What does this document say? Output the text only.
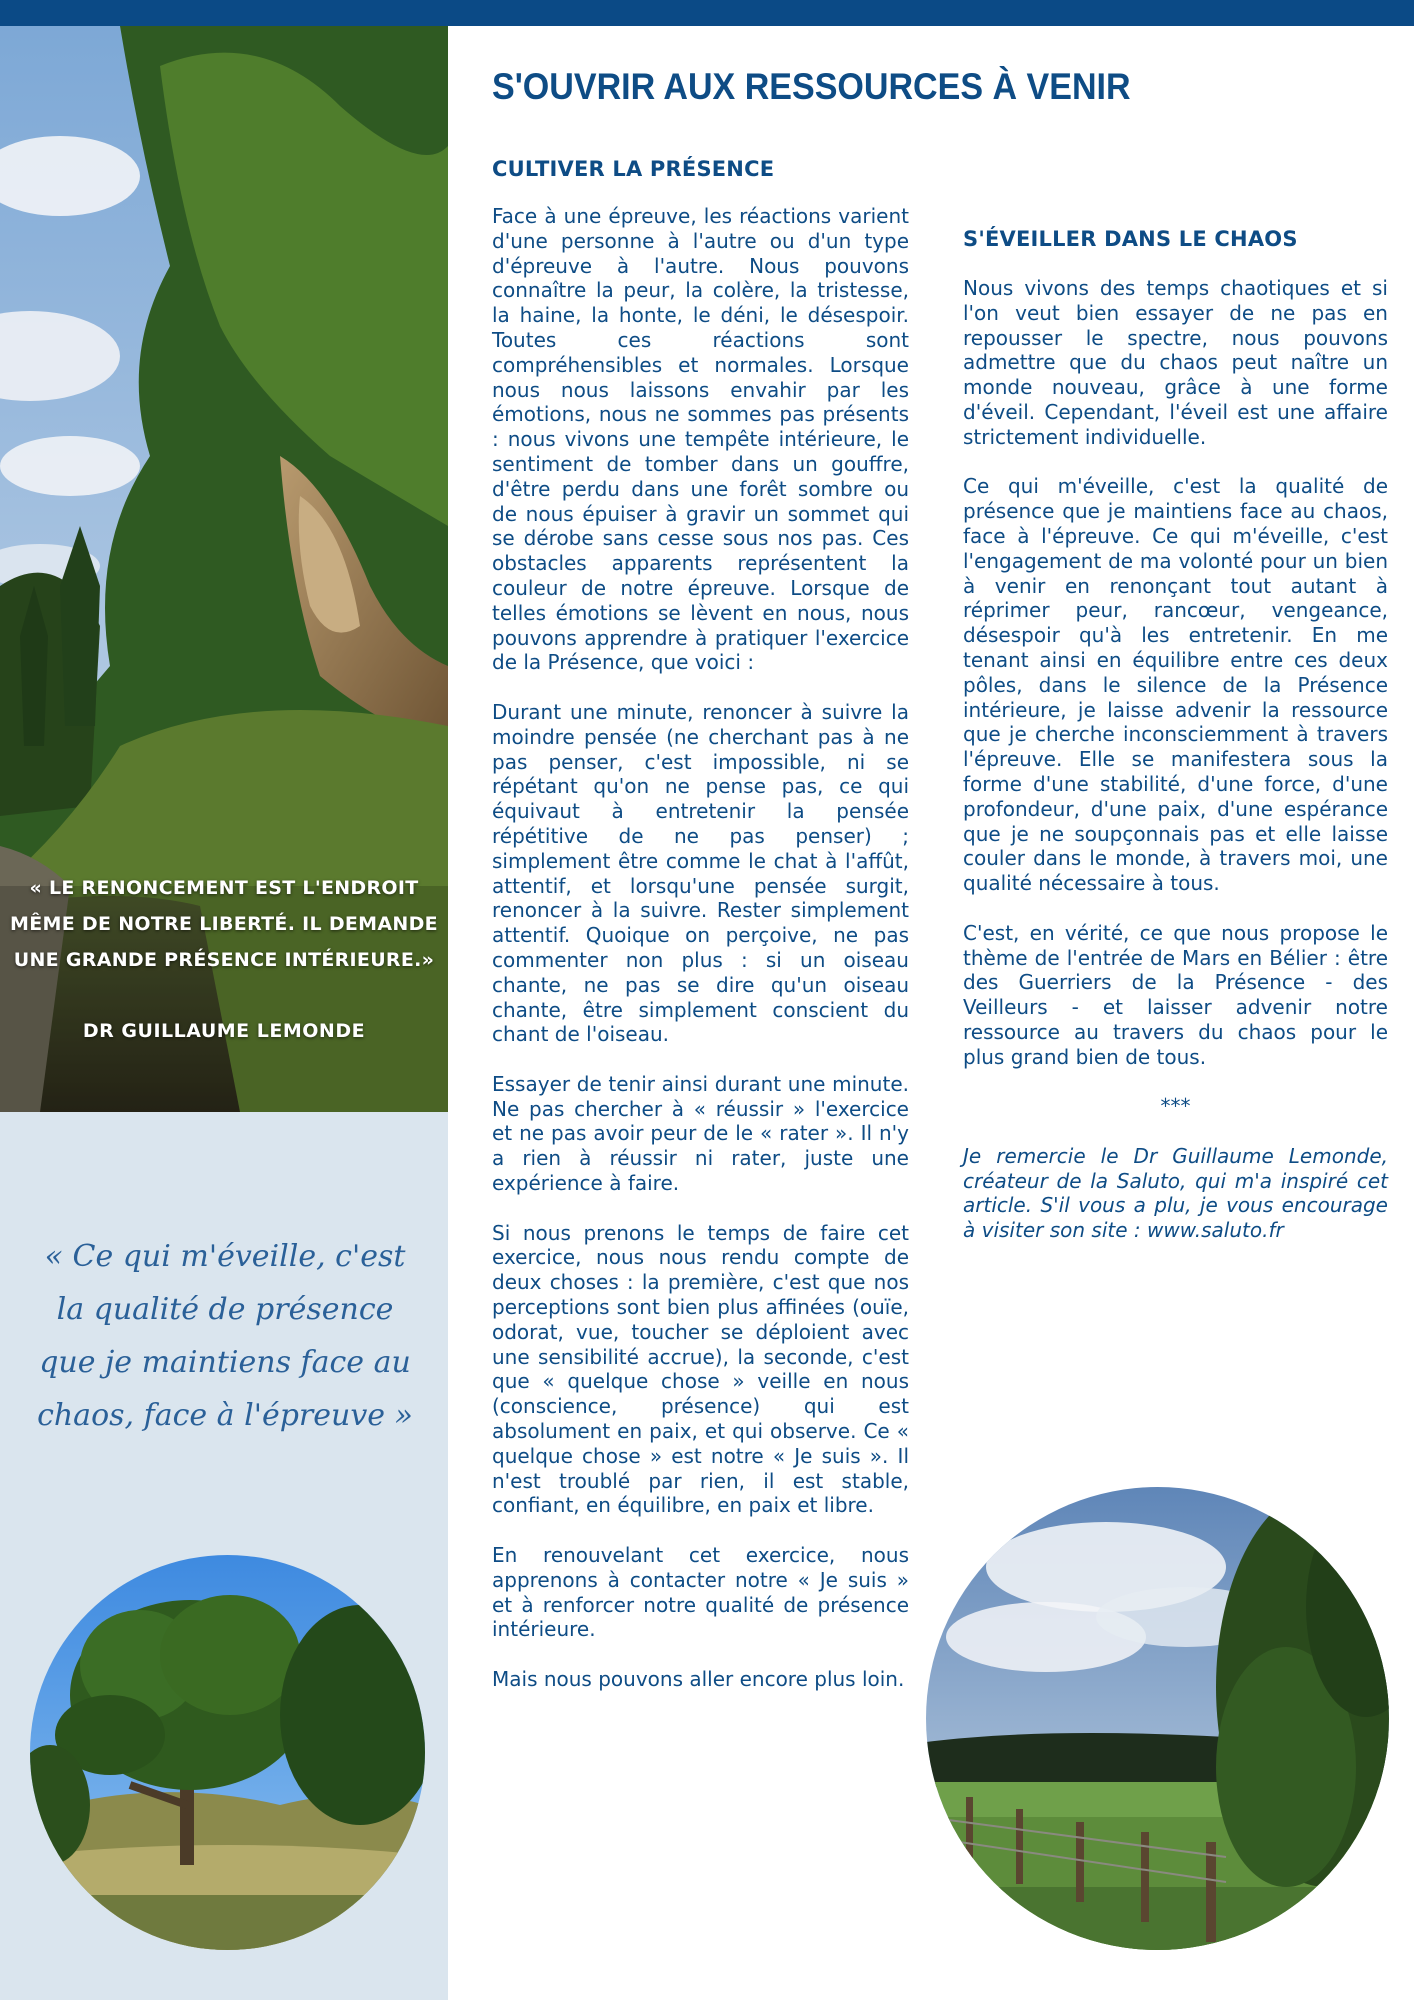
« LE RENONCEMENT EST L'ENDROIT MÊME DE NOTRE LIBERTÉ. IL DEMANDE UNE GRANDE PRÉSENCE INTÉRIEURE.»
DR GUILLAUME LEMONDE
« Ce qui m'éveille, c'est la qualité de présence que je maintiens face au chaos, face à l'épreuve »
S'OUVRIR AUX RESSOURCES À VENIR
CULTIVER LA PRÉSENCE

Face à une épreuve, les réactions varient d'une personne à l'autre ou d'un type d'épreuve à l'autre. Nous pouvons connaître la peur, la colère, la tristesse, la haine, la honte, le déni, le désespoir. Toutes ces réactions sont compréhensibles et normales. Lorsque nous nous laissons envahir par les émotions, nous ne sommes pas présents : nous vivons une tempête intérieure, le sentiment de tomber dans un gouffre, d'être perdu dans une forêt sombre ou de nous épuiser à gravir un sommet qui se dérobe sans cesse sous nos pas. Ces obstacles apparents représentent la couleur de notre épreuve. Lorsque de telles émotions se lèvent en nous, nous pouvons apprendre à pratiquer l'exercice de la Présence, que voici :

Durant une minute, renoncer à suivre la moindre pensée (ne cherchant pas à ne pas penser, c'est impossible, ni se répétant qu'on ne pense pas, ce qui équivaut à entretenir la pensée répétitive de ne pas penser) ; simplement être comme le chat à l'affût, attentif, et lorsqu'une pensée surgit, renoncer à la suivre. Rester simplement attentif. Quoique on perçoive, ne pas commenter non plus : si un oiseau chante, ne pas se dire qu'un oiseau chante, être simplement conscient du chant de l'oiseau.

Essayer de tenir ainsi durant une minute. Ne pas chercher à « réussir » l'exercice et ne pas avoir peur de le « rater ». Il n'y a rien à réussir ni rater, juste une expérience à faire.

Si nous prenons le temps de faire cet exercice, nous nous rendu compte de deux choses : la première, c'est que nos perceptions sont bien plus affinées (ouïe, odorat, vue, toucher se déploient avec une sensibilité accrue), la seconde, c'est que « quelque chose » veille en nous (conscience, présence) qui est absolument en paix, et qui observe. Ce « quelque chose » est notre « Je suis ». Il n'est troublé par rien, il est stable, confiant, en équilibre, en paix et libre.

En renouvelant cet exercice, nous apprenons à contacter notre « Je suis » et à renforcer notre qualité de présence intérieure.

Mais nous pouvons aller encore plus loin.

S'ÉVEILLER DANS LE CHAOS

Nous vivons des temps chaotiques et si l'on veut bien essayer de ne pas en repousser le spectre, nous pouvons admettre que du chaos peut naître un monde nouveau, grâce à une forme d'éveil. Cependant, l'éveil est une affaire strictement individuelle.

Ce qui m'éveille, c'est la qualité de présence que je maintiens face au chaos, face à l'épreuve. Ce qui m'éveille, c'est l'engagement de ma volonté pour un bien à venir en renonçant tout autant à réprimer peur, rancœur, vengeance, désespoir qu'à les entretenir. En me tenant ainsi en équilibre entre ces deux pôles, dans le silence de la Présence intérieure, je laisse advenir la ressource que je cherche inconsciemment à travers l'épreuve. Elle se manifestera sous la forme d'une stabilité, d'une force, d'une profondeur, d'une paix, d'une espérance que je ne soupçonnais pas et elle laisse couler dans le monde, à travers moi, une qualité nécessaire à tous.

C'est, en vérité, ce que nous propose le thème de l'entrée de Mars en Bélier : être des Guerriers de la Présence - des Veilleurs - et laisser advenir notre ressource au travers du chaos pour le plus grand bien de tous.

***

Je remercie le Dr Guillaume Lemonde, créateur de la Saluto, qui m'a inspiré cet article. S'il vous a plu, je vous encourage à visiter son site : www.saluto.fr
